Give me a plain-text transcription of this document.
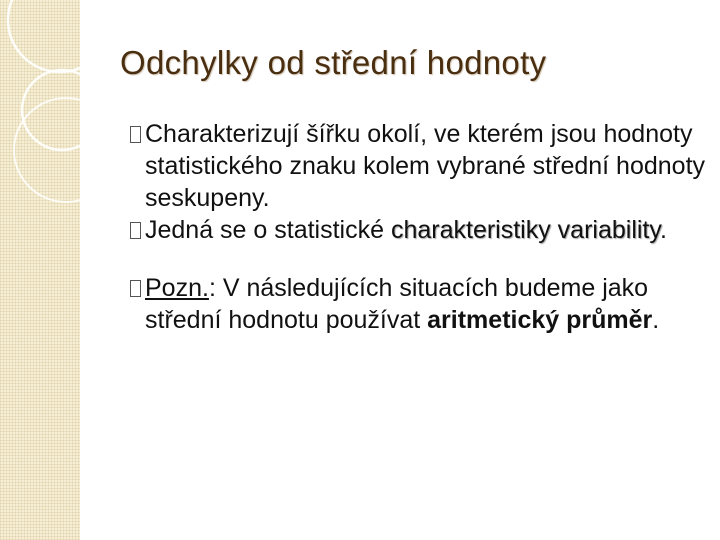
Odchylky od střední hodnoty

Charakterizují šířku okolí, ve kterém jsou hodnoty statistického znaku kolem vybrané střední hodnoty seskupeny.

Jedná se o statistické charakteristiky variability.

Pozn.: V následujících situacích budeme jako střední hodnotu používat aritmetický průměr.
